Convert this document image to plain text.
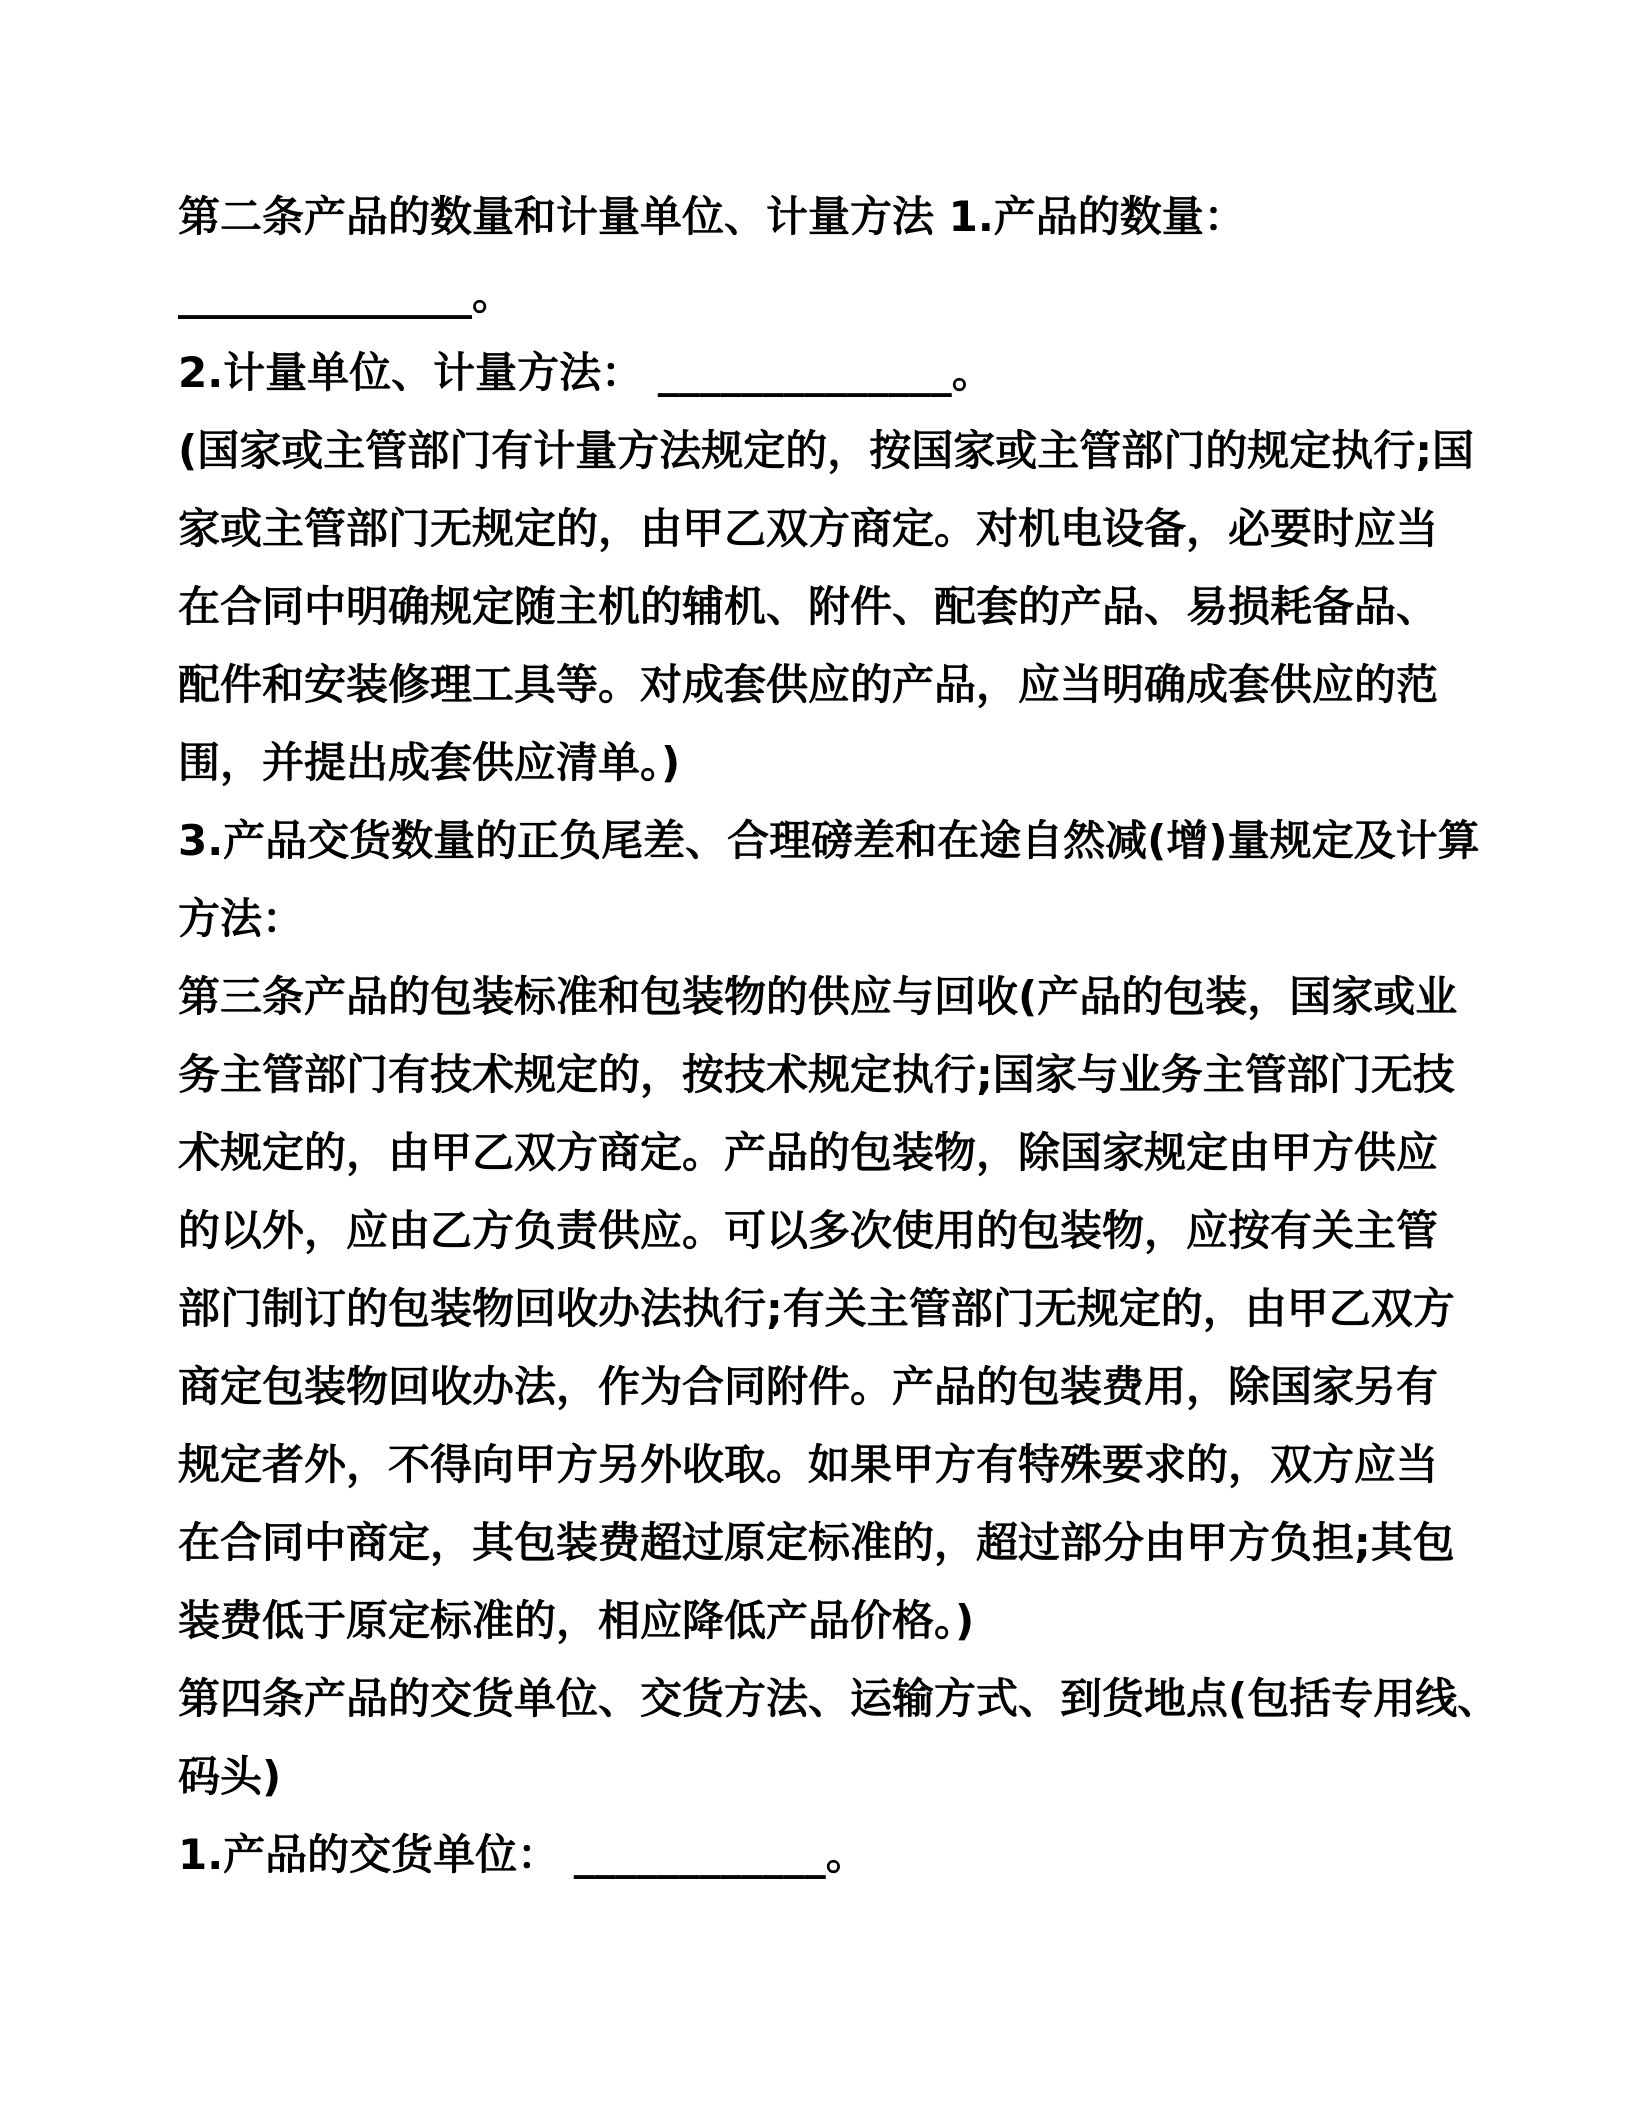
第二条产品的数量和计量单位、计量方法 1.产品的数量：
______________。
2.计量单位、计量方法： ______________。
(国家或主管部门有计量方法规定的，按国家或主管部门的规定执行;国
家或主管部门无规定的，由甲乙双方商定。对机电设备，必要时应当
在合同中明确规定随主机的辅机、附件、配套的产品、易损耗备品、
配件和安装修理工具等。对成套供应的产品，应当明确成套供应的范
围，并提出成套供应清单。)
3.产品交货数量的正负尾差、合理磅差和在途自然减(增)量规定及计算
方法：
第三条产品的包装标准和包装物的供应与回收(产品的包装，国家或业
务主管部门有技术规定的，按技术规定执行;国家与业务主管部门无技
术规定的，由甲乙双方商定。产品的包装物，除国家规定由甲方供应
的以外，应由乙方负责供应。可以多次使用的包装物，应按有关主管
部门制订的包装物回收办法执行;有关主管部门无规定的，由甲乙双方
商定包装物回收办法，作为合同附件。产品的包装费用，除国家另有
规定者外，不得向甲方另外收取。如果甲方有特殊要求的，双方应当
在合同中商定，其包装费超过原定标准的，超过部分由甲方负担;其包
装费低于原定标准的，相应降低产品价格。)
第四条产品的交货单位、交货方法、运输方式、到货地点(包括专用线、
码头)
1.产品的交货单位： ____________。
